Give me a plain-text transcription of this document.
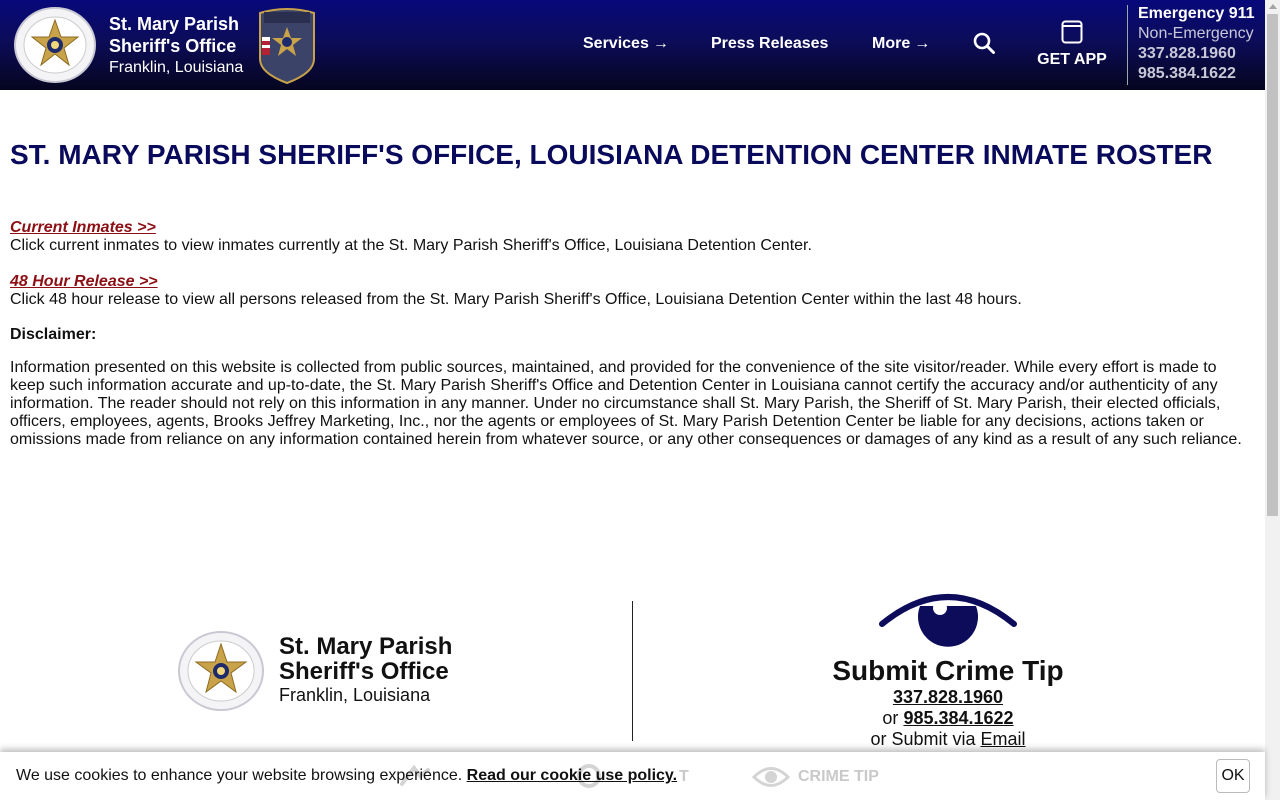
St. Mary Parish
Sheriff's Office
Franklin, Louisiana
Services →	Press Releases	More →
GET APP
Emergency 911
Non-Emergency
337.828.1960
985.384.1622
ST. MARY PARISH SHERIFF'S OFFICE, LOUISIANA DETENTION CENTER INMATE ROSTER
Current Inmates >>
Click current inmates to view inmates currently at the St. Mary Parish Sheriff's Office, Louisiana Detention Center.
48 Hour Release >>
Click 48 hour release to view all persons released from the St. Mary Parish Sheriff's Office, Louisiana Detention Center within the last 48 hours.
Disclaimer:
Information presented on this website is collected from public sources, maintained, and provided for the convenience of the site visitor/reader. While every effort is made to keep such information accurate and up-to-date, the St. Mary Parish Sheriff's Office and Detention Center in Louisiana cannot certify the accuracy and/or authenticity of any information. The reader should not rely on this information in any manner. Under no circumstance shall St. Mary Parish, the Sheriff of St. Mary Parish, their elected officials, officers, employees, agents, Brooks Jeffrey Marketing, Inc., nor the agents or employees of St. Mary Parish Detention Center be liable for any decisions, actions taken or omissions made from reliance on any information contained herein from whatever source, or any other consequences or damages of any kind as a result of any such reliance.
St. Mary Parish
Sheriff's Office
Franklin, Louisiana
Submit Crime Tip
337.828.1960
or 985.384.1622
or Submit via Email
T	CRIME TIP
We use cookies to enhance your website browsing experience. Read our cookie use policy.	OK
